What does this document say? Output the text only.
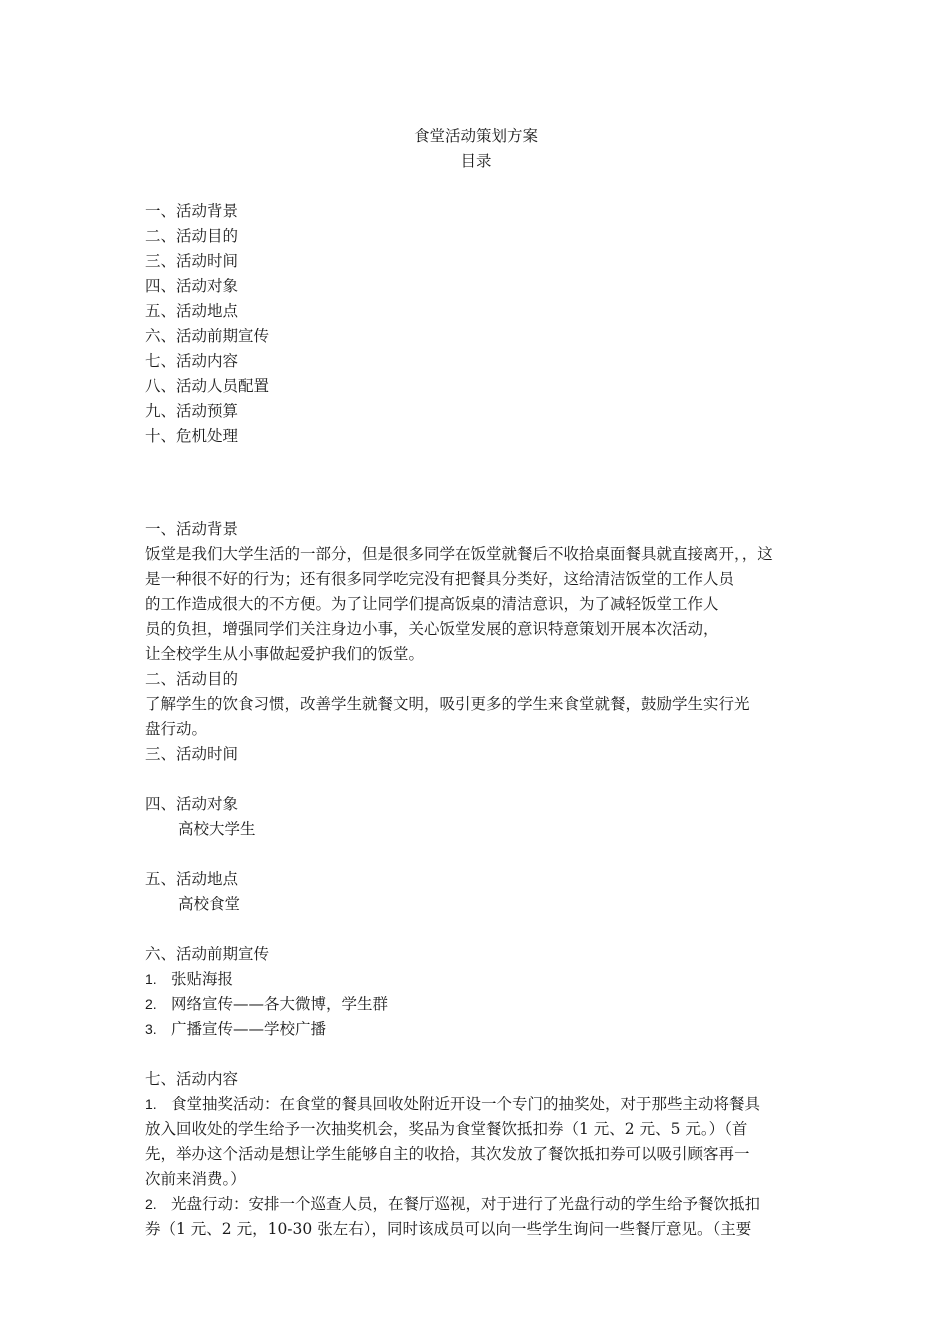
食堂活动策划方案
目录
一、活动背景
二、活动目的
三、活动时间
四、活动对象
五、活动地点
六、活动前期宣传
七、活动内容
八、活动人员配置
九、活动预算
十、危机处理
一、活动背景
饭堂是我们大学生活的一部分，但是很多同学在饭堂就餐后不收拾桌面餐具就直接离开，，这
是一种很不好的行为；还有很多同学吃完没有把餐具分类好，这给清洁饭堂的工作人员
的工作造成很大的不方便。为了让同学们提高饭桌的清洁意识，为了减轻饭堂工作人
员的负担，增强同学们关注身边小事，关心饭堂发展的意识特意策划开展本次活动，
让全校学生从小事做起爱护我们的饭堂。
二、活动目的
了解学生的饮食习惯，改善学生就餐文明，吸引更多的学生来食堂就餐，鼓励学生实行光
盘行动。
三、活动时间
四、活动对象
高校大学生
五、活动地点
高校食堂
六、活动前期宣传
1. 张贴海报
2. 网络宣传——各大微博，学生群
3. 广播宣传——学校广播
七、活动内容
1. 食堂抽奖活动：在食堂的餐具回收处附近开设一个专门的抽奖处，对于那些主动将餐具
放入回收处的学生给予一次抽奖机会，奖品为食堂餐饮抵扣券（1 元、2 元、5 元。）（首
先，举办这个活动是想让学生能够自主的收拾，其次发放了餐饮抵扣券可以吸引顾客再一
次前来消费。）
2. 光盘行动：安排一个巡查人员，在餐厅巡视，对于进行了光盘行动的学生给予餐饮抵扣
券（1 元、2 元，10-30 张左右），同时该成员可以向一些学生询问一些餐厅意见。（主要
